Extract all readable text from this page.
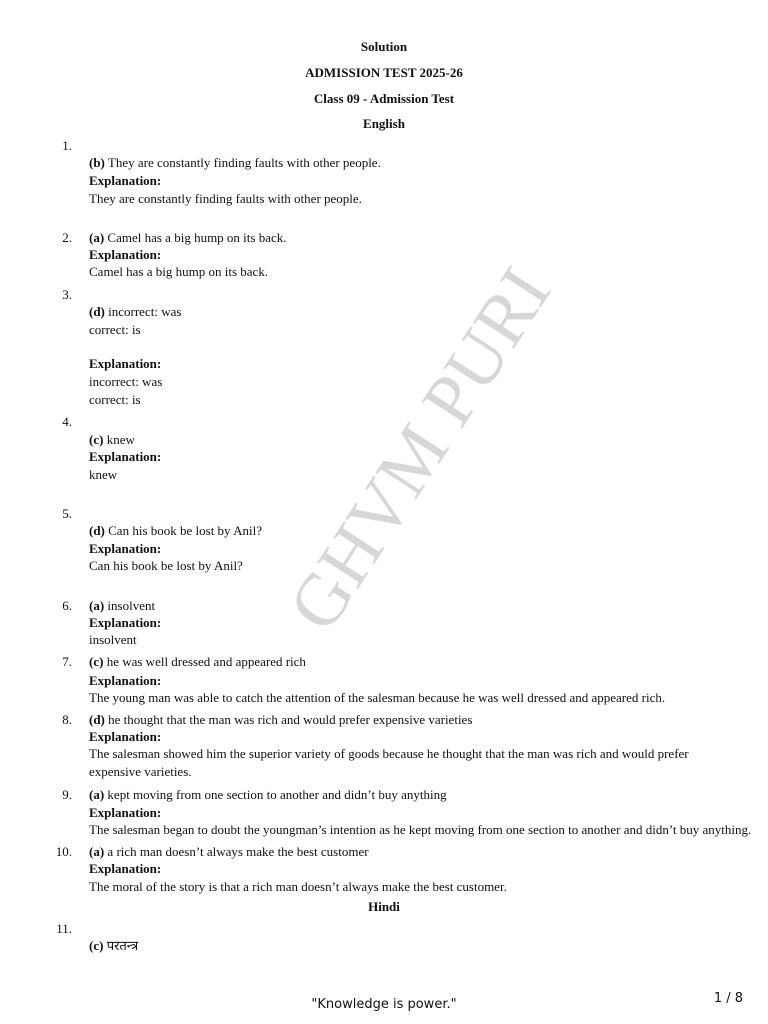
GHVM PURI
Solution
ADMISSION TEST 2025-26
Class 09 - Admission Test
English
1.
(b) They are constantly finding faults with other people.
Explanation:
They are constantly finding faults with other people.
2. (a) Camel has a big hump on its back.
Explanation:
Camel has a big hump on its back.
3.
(d) incorrect: was
correct: is
Explanation:
incorrect: was
correct: is
4.
(c) knew
Explanation:
knew
5.
(d) Can his book be lost by Anil?
Explanation:
Can his book be lost by Anil?
6. (a) insolvent
Explanation:
insolvent
7. (c) he was well dressed and appeared rich
Explanation:
The young man was able to catch the attention of the salesman because he was well dressed and appeared rich.
8. (d) he thought that the man was rich and would prefer expensive varieties
Explanation:
The salesman showed him the superior variety of goods because he thought that the man was rich and would prefer expensive varieties.
9. (a) kept moving from one section to another and didn’t buy anything
Explanation:
The salesman began to doubt the youngman’s intention as he kept moving from one section to another and didn’t buy anything.
10. (a) a rich man doesn’t always make the best customer
Explanation:
The moral of the story is that a rich man doesn’t always make the best customer.
Hindi
11.
(c) परतन्त्र
"Knowledge is power."	1 / 8
